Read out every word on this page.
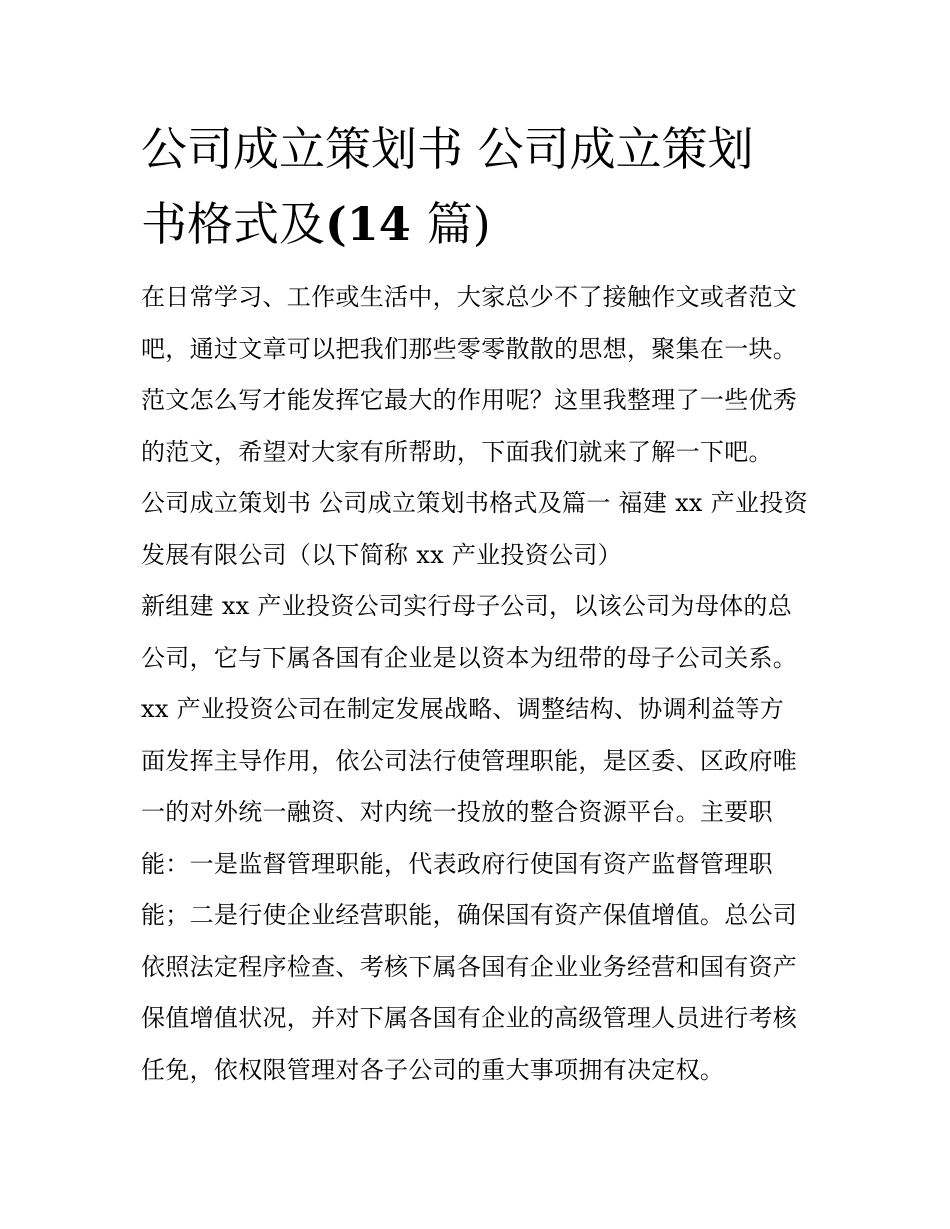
公司成立策划书 公司成立策划
书格式及(14 篇)

在日常学习、工作或生活中，大家总少不了接触作文或者范文
吧，通过文章可以把我们那些零零散散的思想，聚集在一块。
范文怎么写才能发挥它最大的作用呢？这里我整理了一些优秀
的范文，希望对大家有所帮助，下面我们就来了解一下吧。

公司成立策划书 公司成立策划书格式及篇一 福建 xx 产业投资
发展有限公司（以下简称 xx 产业投资公司）

新组建 xx 产业投资公司实行母子公司，以该公司为母体的总
公司，它与下属各国有企业是以资本为纽带的母子公司关系。
xx 产业投资公司在制定发展战略、调整结构、协调利益等方
面发挥主导作用，依公司法行使管理职能，是区委、区政府唯
一的对外统一融资、对内统一投放的整合资源平台。主要职
能：一是监督管理职能，代表政府行使国有资产监督管理职
能；二是行使企业经营职能，确保国有资产保值增值。总公司
依照法定程序检查、考核下属各国有企业业务经营和国有资产
保值增值状况，并对下属各国有企业的高级管理人员进行考核
任免，依权限管理对各子公司的重大事项拥有决定权。
